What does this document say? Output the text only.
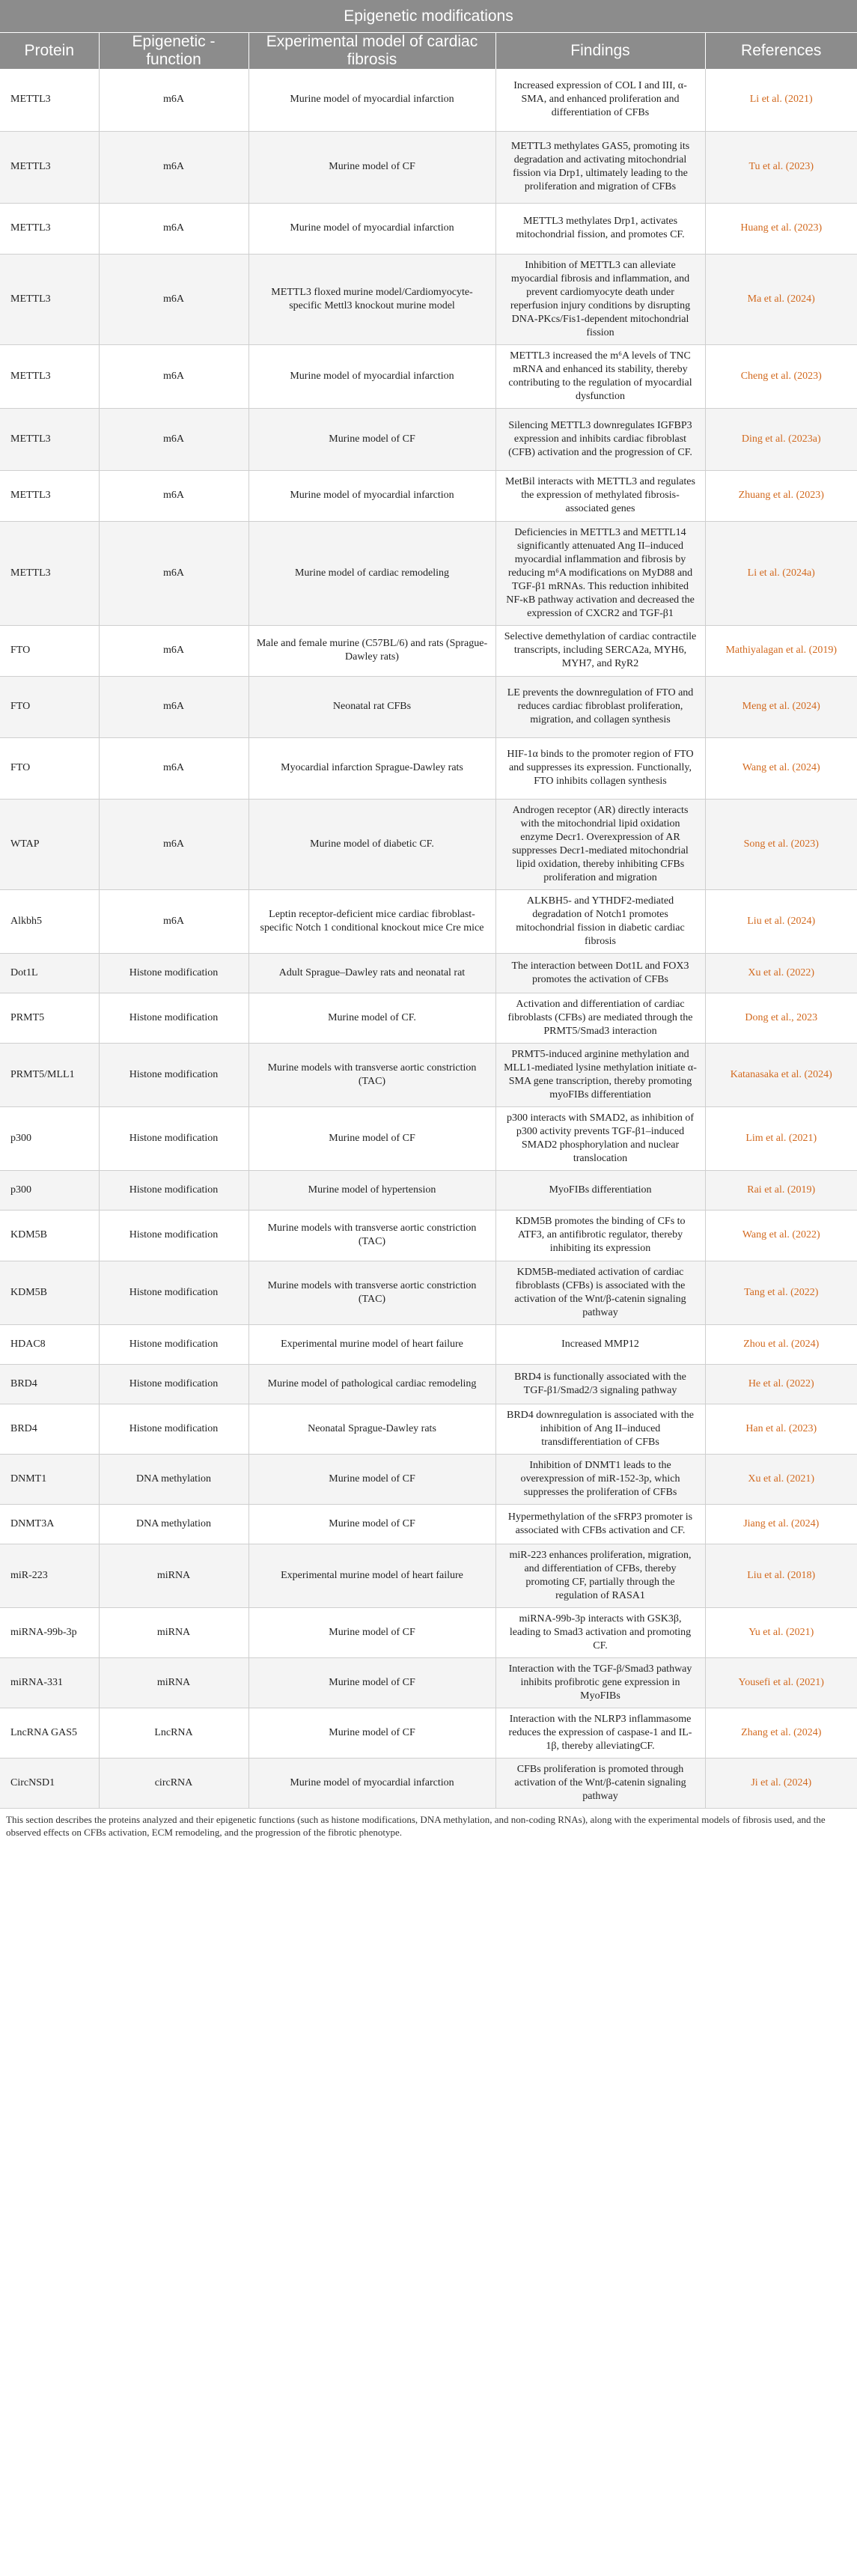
Epigenetic modifications
Protein	Epigenetic - function	Experimental model of cardiac fibrosis	Findings	References
METTL3	m6A	Murine model of myocardial infarction	Increased expression of COL I and III, α-SMA, and enhanced proliferation and differentiation of CFBs	Li et al. (2021)
METTL3	m6A	Murine model of CF	METTL3 methylates GAS5, promoting its degradation and activating mitochondrial fission via Drp1, ultimately leading to the proliferation and migration of CFBs	Tu et al. (2023)
METTL3	m6A	Murine model of myocardial infarction	METTL3 methylates Drp1, activates mitochondrial fission, and promotes CF.	Huang et al. (2023)
METTL3	m6A	METTL3 floxed murine model/Cardiomyocyte-specific Mettl3 knockout murine model	Inhibition of METTL3 can alleviate myocardial fibrosis and inflammation, and prevent cardiomyocyte death under reperfusion injury conditions by disrupting DNA-PKcs/Fis1-dependent mitochondrial fission	Ma et al. (2024)
METTL3	m6A	Murine model of myocardial infarction	METTL3 increased the m⁶A levels of TNC mRNA and enhanced its stability, thereby contributing to the regulation of myocardial dysfunction	Cheng et al. (2023)
METTL3	m6A	Murine model of CF	Silencing METTL3 downregulates IGFBP3 expression and inhibits cardiac fibroblast (CFB) activation and the progression of CF.	Ding et al. (2023a)
METTL3	m6A	Murine model of myocardial infarction	MetBil interacts with METTL3 and regulates the expression of methylated fibrosis-associated genes	Zhuang et al. (2023)
METTL3	m6A	Murine model of cardiac remodeling	Deficiencies in METTL3 and METTL14 significantly attenuated Ang II–induced myocardial inflammation and fibrosis by reducing m⁶A modifications on MyD88 and TGF-β1 mRNAs. This reduction inhibited NF-κB pathway activation and decreased the expression of CXCR2 and TGF-β1	Li et al. (2024a)
FTO	m6A	Male and female murine (C57BL/6) and rats (Sprague-Dawley rats)	Selective demethylation of cardiac contractile transcripts, including SERCA2a, MYH6, MYH7, and RyR2	Mathiyalagan et al. (2019)
FTO	m6A	Neonatal rat CFBs	LE prevents the downregulation of FTO and reduces cardiac fibroblast proliferation, migration, and collagen synthesis	Meng et al. (2024)
FTO	m6A	Myocardial infarction Sprague-Dawley rats	HIF-1α binds to the promoter region of FTO and suppresses its expression. Functionally, FTO inhibits collagen synthesis	Wang et al. (2024)
WTAP	m6A	Murine model of diabetic CF.	Androgen receptor (AR) directly interacts with the mitochondrial lipid oxidation enzyme Decr1. Overexpression of AR suppresses Decr1-mediated mitochondrial lipid oxidation, thereby inhibiting CFBs proliferation and migration	Song et al. (2023)
Alkbh5	m6A	Leptin receptor-deficient mice cardiac fibroblast-specific Notch 1 conditional knockout mice Cre mice	ALKBH5- and YTHDF2-mediated degradation of Notch1 promotes mitochondrial fission in diabetic cardiac fibrosis	Liu et al. (2024)
Dot1L	Histone modification	Adult Sprague–Dawley rats and neonatal rat	The interaction between Dot1L and FOX3 promotes the activation of CFBs	Xu et al. (2022)
PRMT5	Histone modification	Murine model of CF.	Activation and differentiation of cardiac fibroblasts (CFBs) are mediated through the PRMT5/Smad3 interaction	Dong et al., 2023
PRMT5/MLL1	Histone modification	Murine models with transverse aortic constriction (TAC)	PRMT5-induced arginine methylation and MLL1-mediated lysine methylation initiate α-SMA gene transcription, thereby promoting myoFIBs differentiation	Katanasaka et al. (2024)
p300	Histone modification	Murine model of CF	p300 interacts with SMAD2, as inhibition of p300 activity prevents TGF-β1–induced SMAD2 phosphorylation and nuclear translocation	Lim et al. (2021)
p300	Histone modification	Murine model of hypertension	MyoFIBs differentiation	Rai et al. (2019)
KDM5B	Histone modification	Murine models with transverse aortic constriction (TAC)	KDM5B promotes the binding of CFs to ATF3, an antifibrotic regulator, thereby inhibiting its expression	Wang et al. (2022)
KDM5B	Histone modification	Murine models with transverse aortic constriction (TAC)	KDM5B-mediated activation of cardiac fibroblasts (CFBs) is associated with the activation of the Wnt/β-catenin signaling pathway	Tang et al. (2022)
HDAC8	Histone modification	Experimental murine model of heart failure	Increased MMP12	Zhou et al. (2024)
BRD4	Histone modification	Murine model of pathological cardiac remodeling	BRD4 is functionally associated with the TGF-β1/Smad2/3 signaling pathway	He et al. (2022)
BRD4	Histone modification	Neonatal Sprague-Dawley rats	BRD4 downregulation is associated with the inhibition of Ang II–induced transdifferentiation of CFBs	Han et al. (2023)
DNMT1	DNA methylation	Murine model of CF	Inhibition of DNMT1 leads to the overexpression of miR-152-3p, which suppresses the proliferation of CFBs	Xu et al. (2021)
DNMT3A	DNA methylation	Murine model of CF	Hypermethylation of the sFRP3 promoter is associated with CFBs activation and CF.	Jiang et al. (2024)
miR-223	miRNA	Experimental murine model of heart failure	miR-223 enhances proliferation, migration, and differentiation of CFBs, thereby promoting CF, partially through the regulation of RASA1	Liu et al. (2018)
miRNA-99b-3p	miRNA	Murine model of CF	miRNA-99b-3p interacts with GSK3β, leading to Smad3 activation and promoting CF.	Yu et al. (2021)
miRNA-331	miRNA	Murine model of CF	Interaction with the TGF-β/Smad3 pathway inhibits profibrotic gene expression in MyoFIBs	Yousefi et al. (2021)
LncRNA GAS5	LncRNA	Murine model of CF	Interaction with the NLRP3 inflammasome reduces the expression of caspase-1 and IL-1β, thereby alleviatingCF.	Zhang et al. (2024)
CircNSD1	circRNA	Murine model of myocardial infarction	CFBs proliferation is promoted through activation of the Wnt/β-catenin signaling pathway	Ji et al. (2024)
This section describes the proteins analyzed and their epigenetic functions (such as histone modifications, DNA methylation, and non-coding RNAs), along with the experimental models of fibrosis used, and the observed effects on CFBs activation, ECM remodeling, and the progression of the fibrotic phenotype.
